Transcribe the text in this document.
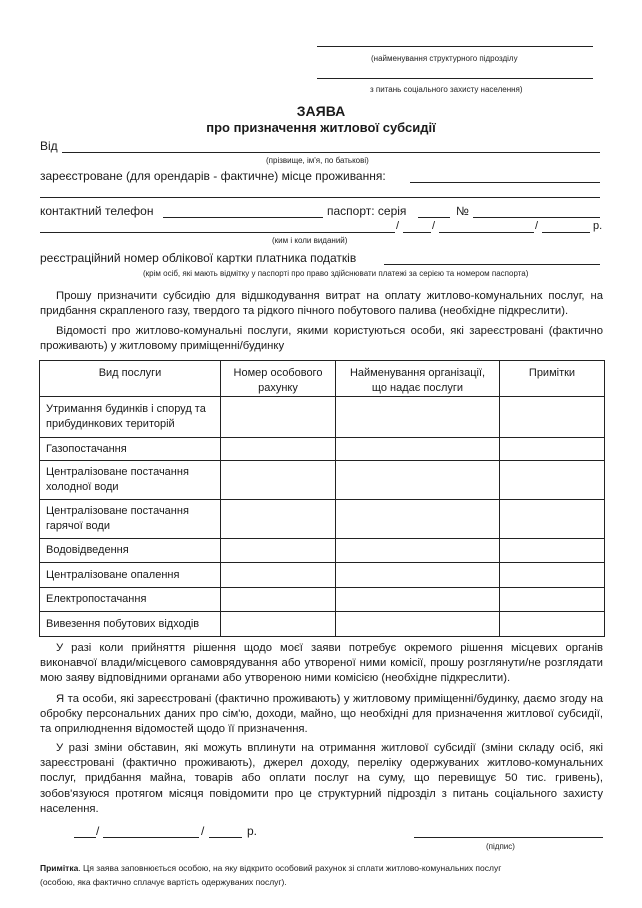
(найменування структурного підрозділу
з питань соціального захисту населення)
ЗАЯВА
про призначення житлової субсидії
Від
(прізвище, ім'я, по батькові)
зареєстроване (для орендарів - фактичне) місце проживання:
контактний телефон	паспорт: серія	№
/	/	/	р.
(ким і коли виданий)
реєстраційний номер облікової картки платника податків
(крім осіб, які мають відмітку у паспорті про право здійснювати платежі за серією та номером паспорта)
Прошу призначити субсидію для відшкодування витрат на оплату житлово-комунальних послуг, на придбання скрапленого газу, твердого та рідкого пічного побутового палива (необхідне підкреслити).
Відомості про житлово-комунальні послуги, якими користуються особи, які зареєстровані (фактично проживають) у житловому приміщенні/будинку
Вид послуги	Номер особового рахунку	Найменування організації, що надає послуги	Примітки
Утримання будинків і споруд та прибудинкових територій			
Газопостачання			
Централізоване постачання холодної води			
Централізоване постачання гарячої води			
Водовідведення			
Централізоване опалення			
Електропостачання			
Вивезення побутових відходів			
У разі коли прийняття рішення щодо моєї заяви потребує окремого рішення місцевих органів виконавчої влади/місцевого самоврядування або утвореної ними комісії, прошу розглянути/не розглядати мою заяву відповідними органами або утвореною ними комісією (необхідне підкреслити).
Я та особи, які зареєстровані (фактично проживають) у житловому приміщенні/будинку, даємо згоду на обробку персональних даних про сім'ю, доходи, майно, що необхідні для призначення житлової субсидії, та оприлюднення відомостей щодо її призначення.
У разі зміни обставин, які можуть вплинути на отримання житлової субсидії (зміни складу осіб, які зареєстровані (фактично проживають), джерел доходу, переліку одержуваних житлово-комунальних послуг, придбання майна, товарів або оплати послуг на суму, що перевищує 50 тис. гривень), зобов'язуюся протягом місяця повідомити про це структурний підрозділ з питань соціального захисту населення.
/	/	р.
(підпис)
Примітка. Ця заява заповнюється особою, на яку відкрито особовий рахунок зі сплати житлово-комунальних послуг
(особою, яка фактично сплачує вартість одержуваних послуг).
